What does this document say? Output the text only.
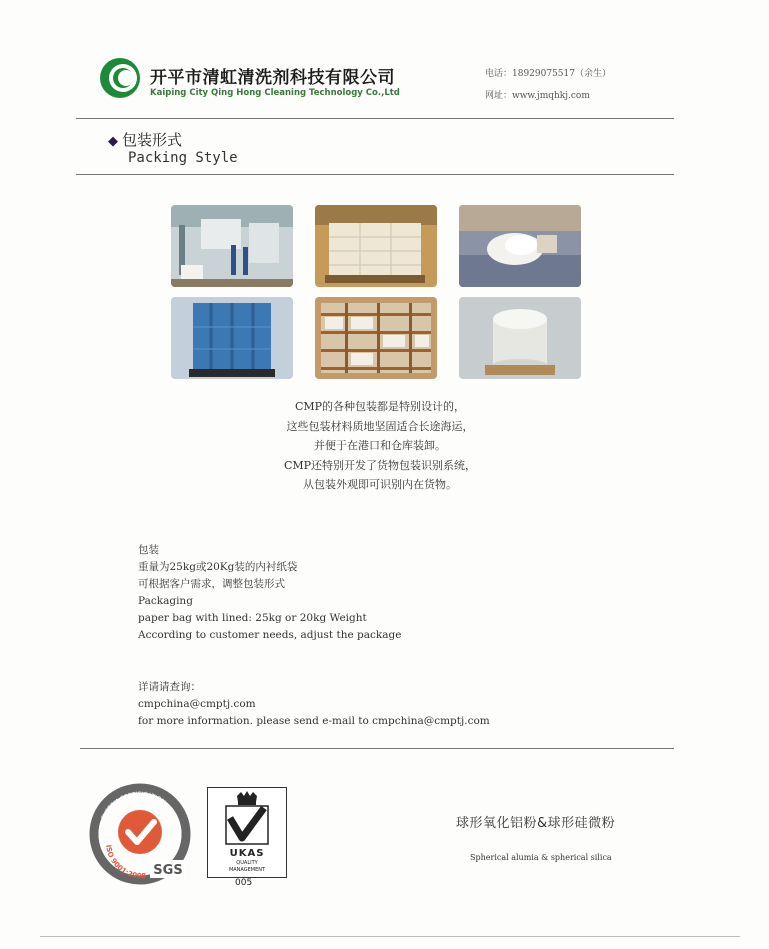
开平市清虹清洗剂科技有限公司
Kaiping City Qing Hong Cleaning Technology Co.,Ltd
电话：18929075517（余生）
网址：www.jmqhkj.com
◆ 包装形式
Packing Style
CMP的各种包装都是特别设计的，
这些包装材料质地坚固适合长途海运，
并便于在港口和仓库装卸。
CMP还特别开发了货物包装识别系统，
从包装外观即可识别内在货物。
包装
重量为25kg或20Kg装的内衬纸袋
可根据客户需求，调整包装形式
Packaging
paper bag with lined: 25kg or 20kg Weight
According to customer needs, adjust the package
详请请查询：
cmpchina@cmptj.com
for more information. please send e-mail to cmpchina@cmptj.com
SYSTEM CERTIFICATION
ISO 9001:2008 SGS
UKAS
QUALITY
MANAGEMENT
005
球形氧化铝粉&球形硅微粉
Spherical alumia & spherical silica
